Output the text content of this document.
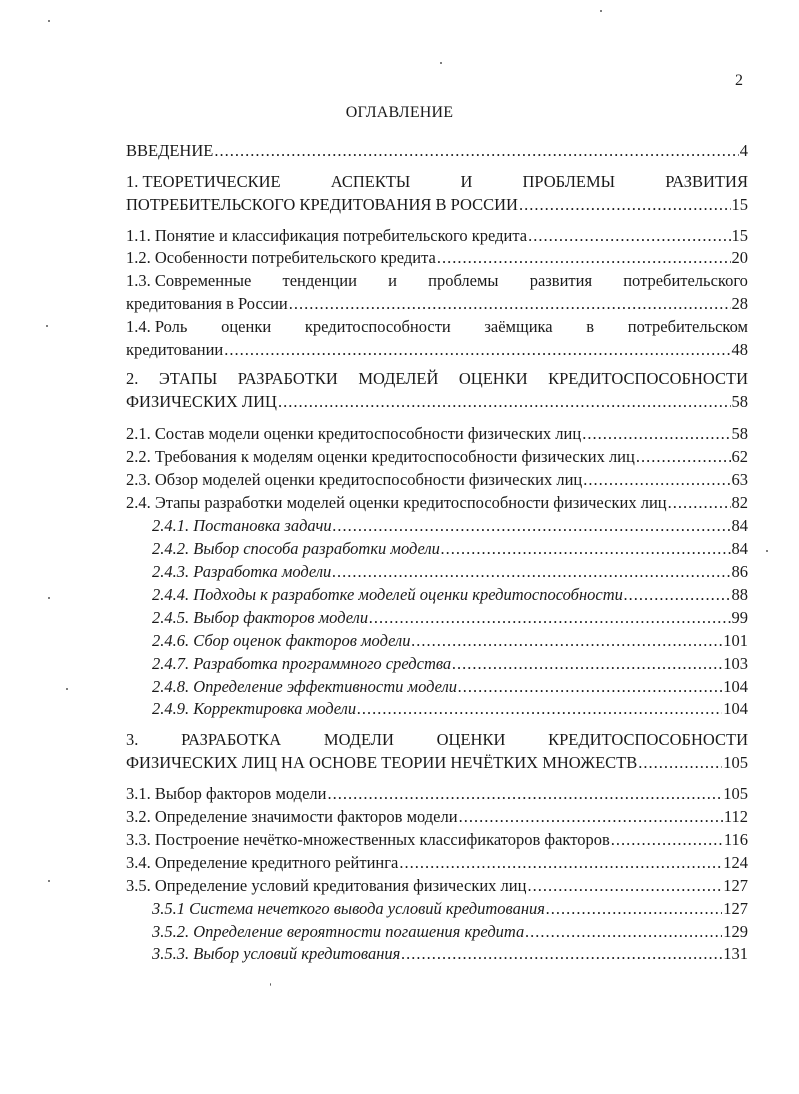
2
ОГЛАВЛЕНИЕ
ВВЕДЕНИЕ .....	4
1. ТЕОРЕТИЧЕСКИЕ	АСПЕКТЫ	И	ПРОБЛЕМЫ	РАЗВИТИЯ
ПОТРЕБИТЕЛЬСКОГО КРЕДИТОВАНИЯ В РОССИИ .....	15
1.1. Понятие и классификация потребительского кредита .....	15
1.2. Особенности потребительского кредита .....	20
1.3. Современные тенденции и проблемы развития потребительского
кредитования в России .....	28
1.4. Роль оценки кредитоспособности заёмщика в потребительском
кредитовании .....	48
2. ЭТАПЫ РАЗРАБОТКИ МОДЕЛЕЙ ОЦЕНКИ КРЕДИТОСПОСОБНОСТИ
ФИЗИЧЕСКИХ ЛИЦ .....	58
2.1. Состав модели оценки кредитоспособности физических лиц .....	58
2.2. Требования к моделям оценки кредитоспособности физических лиц .....	62
2.3. Обзор моделей оценки кредитоспособности физических лиц .....	63
2.4. Этапы разработки моделей оценки кредитоспособности физических лиц .....	82
2.4.1. Постановка задачи .....	84
2.4.2. Выбор способа разработки модели .....	84
2.4.3. Разработка модели .....	86
2.4.4. Подходы к разработке моделей оценки кредитоспособности .....	88
2.4.5. Выбор факторов модели .....	99
2.4.6. Сбор оценок факторов модели .....	101
2.4.7. Разработка программного средства .....	103
2.4.8. Определение эффективности модели .....	104
2.4.9. Корректировка модели .....	104
3.	РАЗРАБОТКА	МОДЕЛИ	ОЦЕНКИ	КРЕДИТОСПОСОБНОСТИ
ФИЗИЧЕСКИХ ЛИЦ НА ОСНОВЕ ТЕОРИИ НЕЧЁТКИХ МНОЖЕСТВ .....	105
3.1. Выбор факторов модели .....	105
3.2. Определение значимости факторов модели .....	112
3.3. Построение нечётко-множественных классификаторов факторов .....	116
3.4. Определение кредитного рейтинга .....	124
3.5. Определение условий кредитования физических лиц .....	127
3.5.1 Система нечеткого вывода условий кредитования .....	127
3.5.2. Определение вероятности погашения кредита .....	129
3.5.3. Выбор условий кредитования .....	131
